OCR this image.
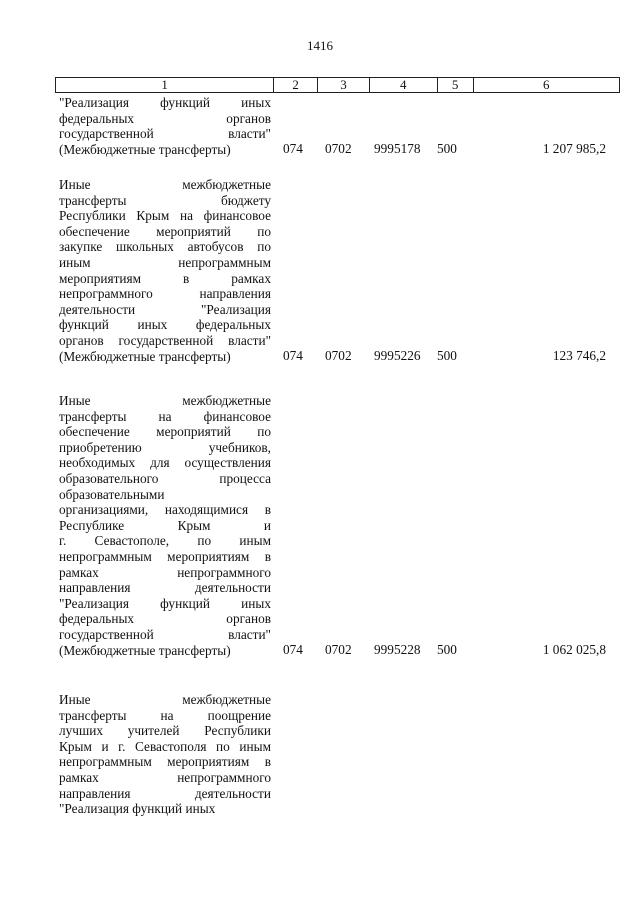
1416
1	2	3	4	5	6
"Реализация функций иных
федеральных органов
государственной власти"
(Межбюджетные трансферты)	074 0702 9995178 500	1 207 985,2
Иные межбюджетные
трансферты бюджету
Республики Крым на финансовое
обеспечение мероприятий по
закупке школьных автобусов по
иным непрограммным
мероприятиям в рамках
непрограммного направления
деятельности "Реализация
функций иных федеральных
органов государственной власти"
(Межбюджетные трансферты)	074 0702 9995226 500	123 746,2
Иные межбюджетные
трансферты на финансовое
обеспечение мероприятий по
приобретению учебников,
необходимых для осуществления
образовательного процесса
образовательными
организациями, находящимися в
Республике Крым и
г. Севастополе, по иным
непрограммным мероприятиям в
рамках непрограммного
направления деятельности
"Реализация функций иных
федеральных органов
государственной власти"
(Межбюджетные трансферты)	074 0702 9995228 500	1 062 025,8
Иные межбюджетные
трансферты на поощрение
лучших учителей Республики
Крым и г. Севастополя по иным
непрограммным мероприятиям в
рамках непрограммного
направления деятельности
"Реализация функций иных
